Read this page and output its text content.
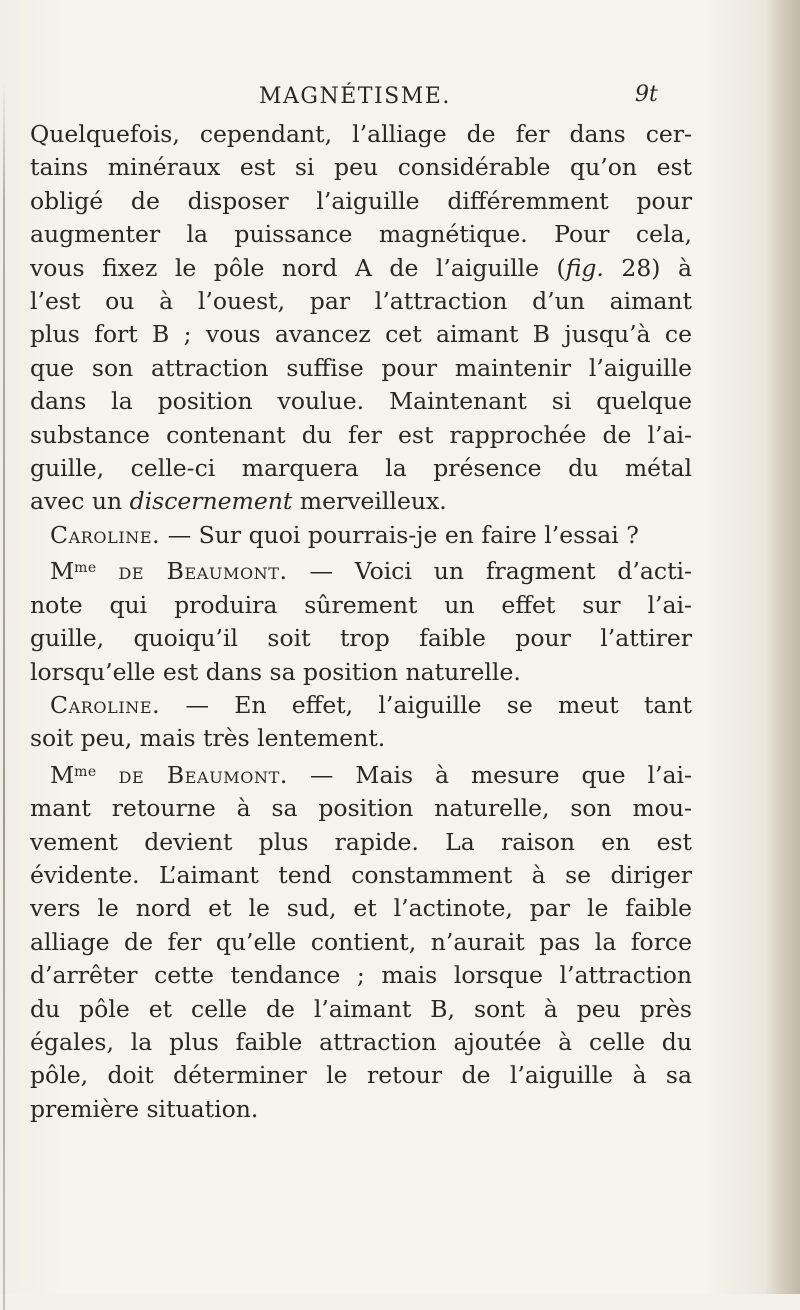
MAGNÉTISME.	9t
Quelquefois, cependant, l’alliage de fer dans cer-
tains minéraux est si peu considérable qu’on est
obligé de disposer l’aiguille différemment pour
augmenter la puissance magnétique. Pour cela,
vous fixez le pôle nord A de l’aiguille (fig. 28) à
l’est ou à l’ouest, par l’attraction d’un aimant
plus fort B ; vous avancez cet aimant B jusqu’à ce
que son attraction suffise pour maintenir l’aiguille
dans la position voulue. Maintenant si quelque
substance contenant du fer est rapprochée de l’ai-
guille, celle-ci marquera la présence du métal
avec un discernement merveilleux.
Caroline. — Sur quoi pourrais-je en faire l’essai ?
$M^{me}$ de Beaumont. — Voici un fragment d’acti-
note qui produira sûrement un effet sur l’ai-
guille, quoiqu’il soit trop faible pour l’attirer
lorsqu’elle est dans sa position naturelle.
Caroline. — En effet, l’aiguille se meut tant
soit peu, mais très lentement.
$M^{me}$ de Beaumont. — Mais à mesure que l’ai-
mant retourne à sa position naturelle, son mou-
vement devient plus rapide. La raison en est
évidente. L’aimant tend constamment à se diriger
vers le nord et le sud, et l’actinote, par le faible
alliage de fer qu’elle contient, n’aurait pas la force
d’arrêter cette tendance ; mais lorsque l’attraction
du pôle et celle de l’aimant B, sont à peu près
égales, la plus faible attraction ajoutée à celle du
pôle, doit déterminer le retour de l’aiguille à sa
première situation.
